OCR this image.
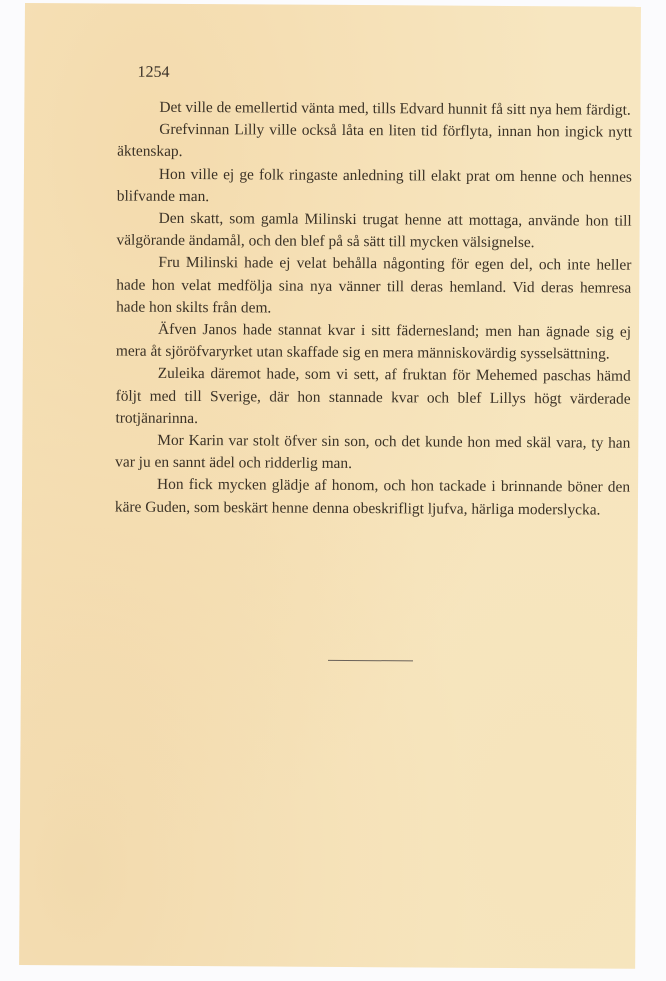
1254

Det ville de emellertid vänta med, tills Edvard hunnit få sitt nya hem färdigt.

Grefvinnan Lilly ville också låta en liten tid förflyta, innan hon ingick nytt äktenskap.

Hon ville ej ge folk ringaste anledning till elakt prat om henne och hennes blifvande man.

Den skatt, som gamla Milinski trugat henne att mottaga, använde hon till välgörande ändamål, och den blef på så sätt till mycken välsignelse.

Fru Milinski hade ej velat behålla någonting för egen del, och inte heller hade hon velat medfölja sina nya vänner till deras hemland. Vid deras hemresa hade hon skilts från dem.

Äfven Janos hade stannat kvar i sitt fädernesland; men han ägnade sig ej mera åt sjöröfvaryrket utan skaffade sig en mera människovärdig sysselsättning.

Zuleika däremot hade, som vi sett, af fruktan för Mehemed paschas hämd följt med till Sverige, där hon stannade kvar och blef Lillys högt värderade trotjänarinna.

Mor Karin var stolt öfver sin son, och det kunde hon med skäl vara, ty han var ju en sannt ädel och ridderlig man.

Hon fick mycken glädje af honom, och hon tackade i brinnande böner den käre Guden, som beskärt henne denna obeskrifligt ljufva, härliga moderslycka.
